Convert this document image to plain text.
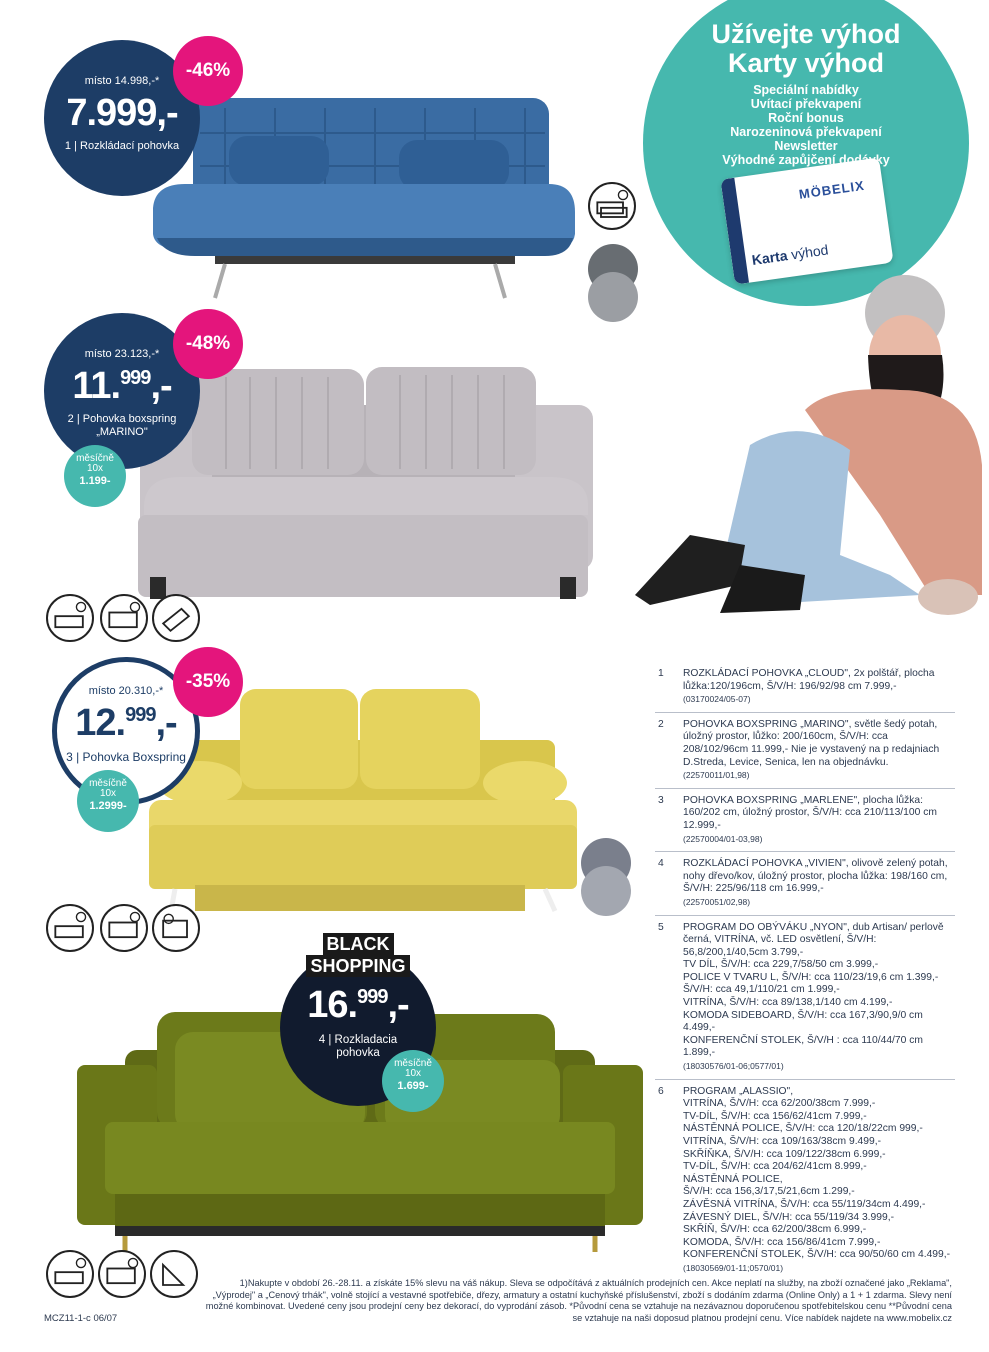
Užívejte výhod
Karty výhod
Speciální nabídky
Uvítací překvapení
Roční bonus
Narozeninová překvapení
Newsletter
Výhodné zapůjčení dodávky
MÖBELIX
Karta výhod
místo 14.998,-*
7.999,-
1 | Rozkládací pohovka
-46%
místo 23.123,-*
11.$^{999}$,-
2 | Pohovka boxspring
„MARINO"
-48%
měsíčně
10x
1.199-
místo 20.310,-*
12.$^{999}$,-
3 | Pohovka Boxspring
-35%
měsíčně
10x
1.2999-
BLACK
SHOPPING
16.$^{999}$,-
4 | Rozkladacia
pohovka
měsíčně
10x
1.699-
1 ROZKLÁDACÍ POHOVKA „CLOUD", 2x polštář, plocha lůžka:120/196cm, Š/V/H: 196/92/98 cm 7.999,-
(03170024/05-07)
2 POHOVKA BOXSPRING „MARINO", světle šedý potah, úložný prostor, lůžko: 200/160cm, Š/V/H: cca 208/102/96cm 11.999,- Nie je vystavený na p redajniach D.Streda, Levice, Senica, len na objednávku.
(22570011/01,98)
3 POHOVKA BOXSPRING „MARLENE", plocha lůžka: 160/202 cm, úložný prostor, Š/V/H: cca 210/113/100 cm 12.999,-
(22570004/01-03,98)
4 ROZKLÁDACÍ POHOVKA „VIVIEN", olivově zelený potah, nohy dřevo/kov, úložný prostor, plocha lůžka: 198/160 cm, Š/V/H: 225/96/118 cm 16.999,-
(22570051/02,98)
5 PROGRAM DO OBÝVÁKU „NYON", dub Artisan/ perlově černá, VITRÍNA, vč. LED osvětlení, Š/V/H: 56,8/200,1/40,5cm 3.799,-
TV DÍL, Š/V/H: cca 229,7/58/50 cm 3.999,-
POLICE V TVARU L, Š/V/H: cca 110/23/19,6 cm 1.399,- Š/V/H: cca 49,1/110/21 cm 1.999,-
VITRÍNA, Š/V/H: cca 89/138,1/140 cm 4.199,-
KOMODA SIDEBOARD, Š/V/H: cca 167,3/90,9/0 cm 4.499,-
KONFERENČNÍ STOLEK, Š/V/H : cca 110/44/70 cm 1.899,-
(18030576/01-06;0577/01)
6 PROGRAM „ALASSIO",
VITRÍNA, Š/V/H: cca 62/200/38cm 7.999,-
TV-DÍL, Š/V/H: cca 156/62/41cm 7.999,-
NÁSTĚNNÁ POLICE, Š/V/H: cca 120/18/22cm 999,-
VITRÍNA, Š/V/H: cca 109/163/38cm 9.499,-
SKŘÍŇKA, Š/V/H: cca 109/122/38cm 6.999,-
TV-DÍL, Š/V/H: cca 204/62/41cm 8.999,-
NÁSTĚNNÁ POLICE,
Š/V/H: cca 156,3/17,5/21,6cm 1.299,-
ZÁVĚSNÁ VITRÍNA, Š/V/H: cca 55/119/34cm 4.499,-
ZÁVESNÝ DIEL, Š/V/H: cca 55/119/34 3.999,-
SKŘÍŇ, Š/V/H: cca 62/200/38cm 6.999,-
KOMODA, Š/V/H: cca 156/86/41cm 7.999,-
KONFERENČNÍ STOLEK, Š/V/H: cca 90/50/60 cm 4.499,-
(18030569/01-11;0570/01)
1)Nakupte v období 26.-28.11. a získáte 15% slevu na váš nákup. Sleva se odpočítává z aktuálních prodejních cen. Akce neplatí na služby, na zboží označené jako „Reklama", „Výprodej" a „Cenový trhák", volně stojící a vestavné spotřebiče, dřezy, armatury a ostatní kuchyňské příslušenství, zboží s dodáním zdarma (Online Only) a 1 + 1 zdarma. Slevy není možné kombinovat. Uvedené ceny jsou prodejní ceny bez dekorací, do vyprodání zásob. *Původní cena se vztahuje na nezávaznou doporučenou spotřebitelskou cenu **Původní cena se vztahuje na naši doposud platnou prodejní cenu. Více nabídek najdete na www.mobelix.cz
MCZ11-1-c 06/07
